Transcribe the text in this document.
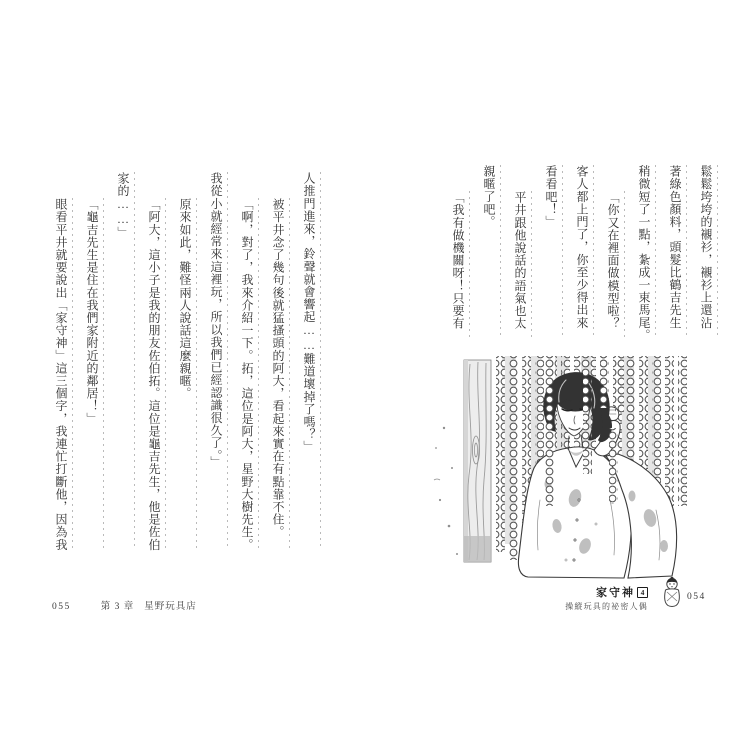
鬆鬆垮垮的襯衫，襯衫上還沾
著綠色顏料，頭髮比鶴吉先生
稍微短了一點，紮成一束馬尾。
「你又在裡面做模型啦？
客人都上門了，你至少得出來
看看吧！」
平井跟他說話的語氣也太
親暱了吧。
「我有做機關呀！只要有
人推門進來，鈴聲就會響起……難道壞掉了嗎？」
被平井念了幾句後就猛搔頭的阿大，看起來實在有點靠不住。
「啊，對了，我來介紹一下。拓，這位是阿大，星野大樹先生。
我從小就經常來這裡玩，所以我們已經認識很久了。」
原來如此，難怪兩人說話這麼親暱。
「阿大，這小子是我的朋友佐伯拓。這位是龜吉先生，他是佐伯
家的……」
「龜吉先生是住在我們家附近的鄰居！」
眼看平井就要說出「家守神」這三個字，我連忙打斷他，因為我
055	第 3 章 星野玩具店
家守神 4
操縱玩具的祕密人偶
054
